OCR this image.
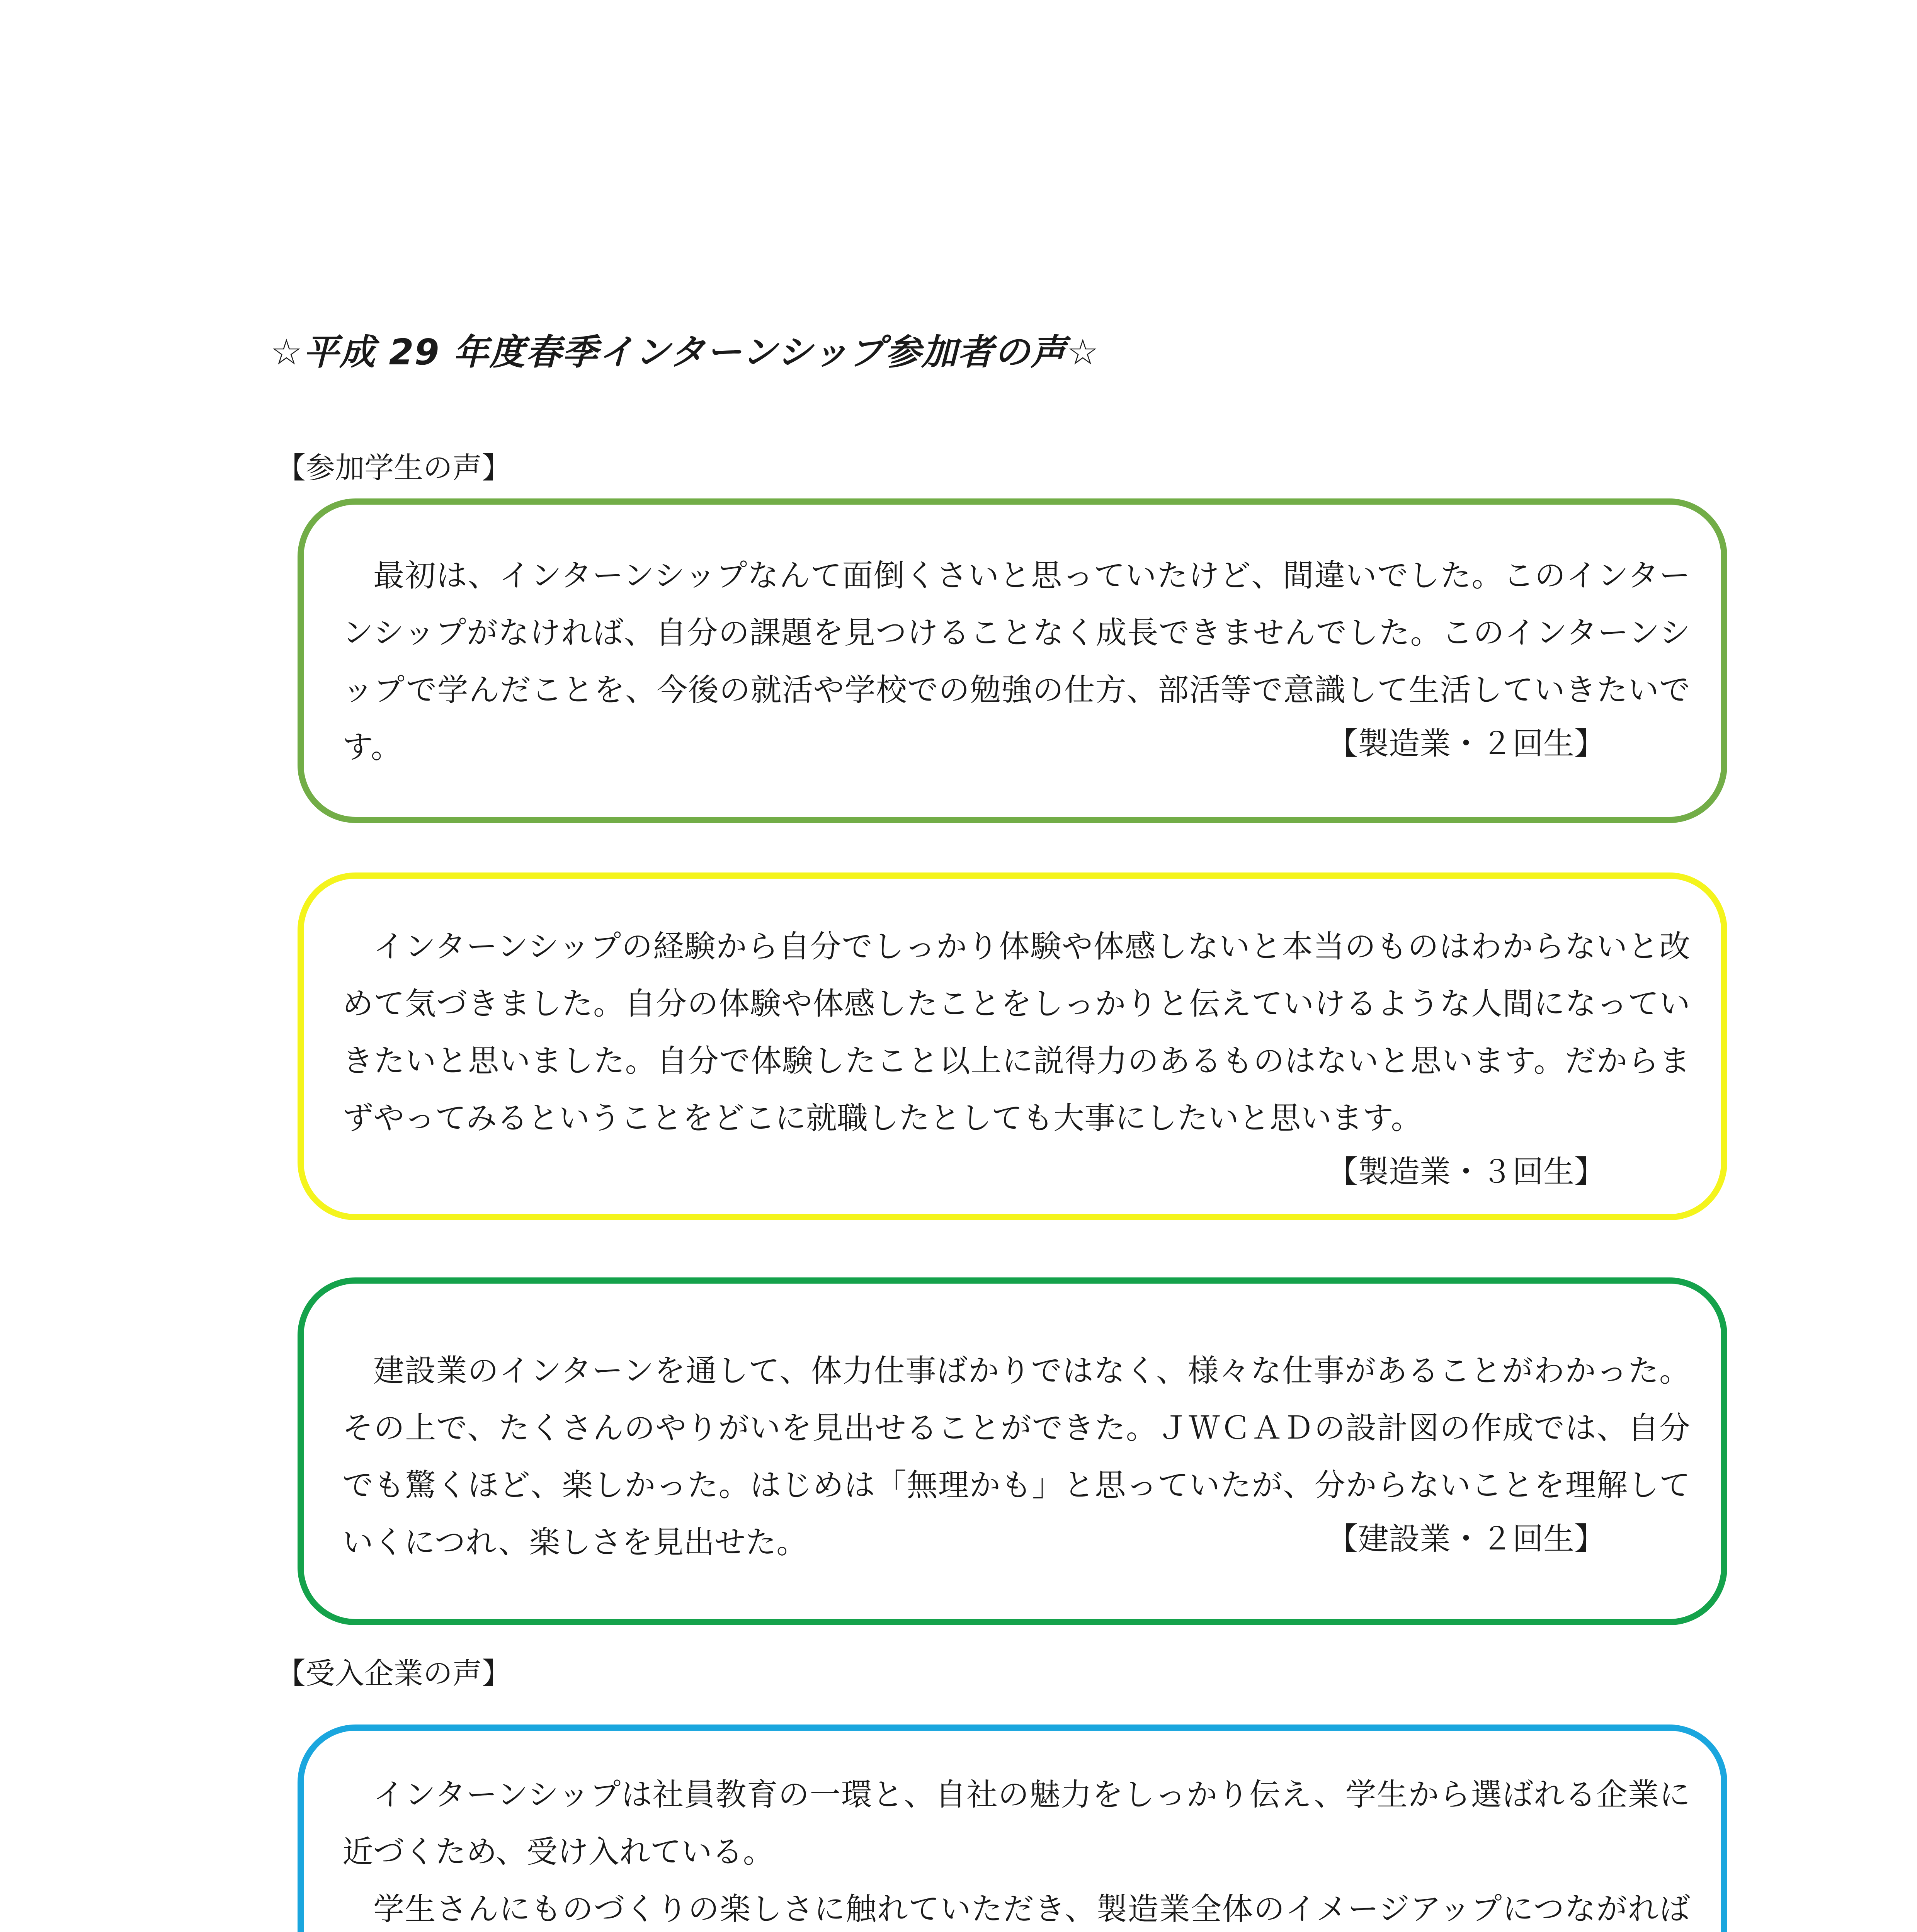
☆平成 29 年度春季インターンシップ参加者の声☆
【参加学生の声】

最初は、インターンシップなんて面倒くさいと思っていたけど、間違いでした。このインターンシップがなければ、自分の課題を見つけることなく成長できませんでした。このインターンシップで学んだことを、今後の就活や学校での勉強の仕方、部活等で意識して生活していきたいです。	【製造業・２回生】

インターンシップの経験から自分でしっかり体験や体感しないと本当のものはわからないと改めて気づきました。自分の体験や体感したことをしっかりと伝えていけるような人間になっていきたいと思いました。自分で体験したこと以上に説得力のあるものはないと思います。だからまずやってみるということをどこに就職したとしても大事にしたいと思います。

【製造業・３回生】

建設業のインターンを通して、体力仕事ばかりではなく、様々な仕事があることがわかった。その上で、たくさんのやりがいを見出せることができた。ＪＷＣＡＤの設計図の作成では、自分でも驚くほど、楽しかった。はじめは「無理かも」と思っていたが、分からないことを理解していくにつれ、楽しさを見出せた。	【建設業・２回生】
【受入企業の声】

インターンシップは社員教育の一環と、自社の魅力をしっかり伝え、学生から選ばれる企業に近づくため、受け入れている。

学生さんにものづくりの楽しさに触れていただき、製造業全体のイメージアップにつながれば
